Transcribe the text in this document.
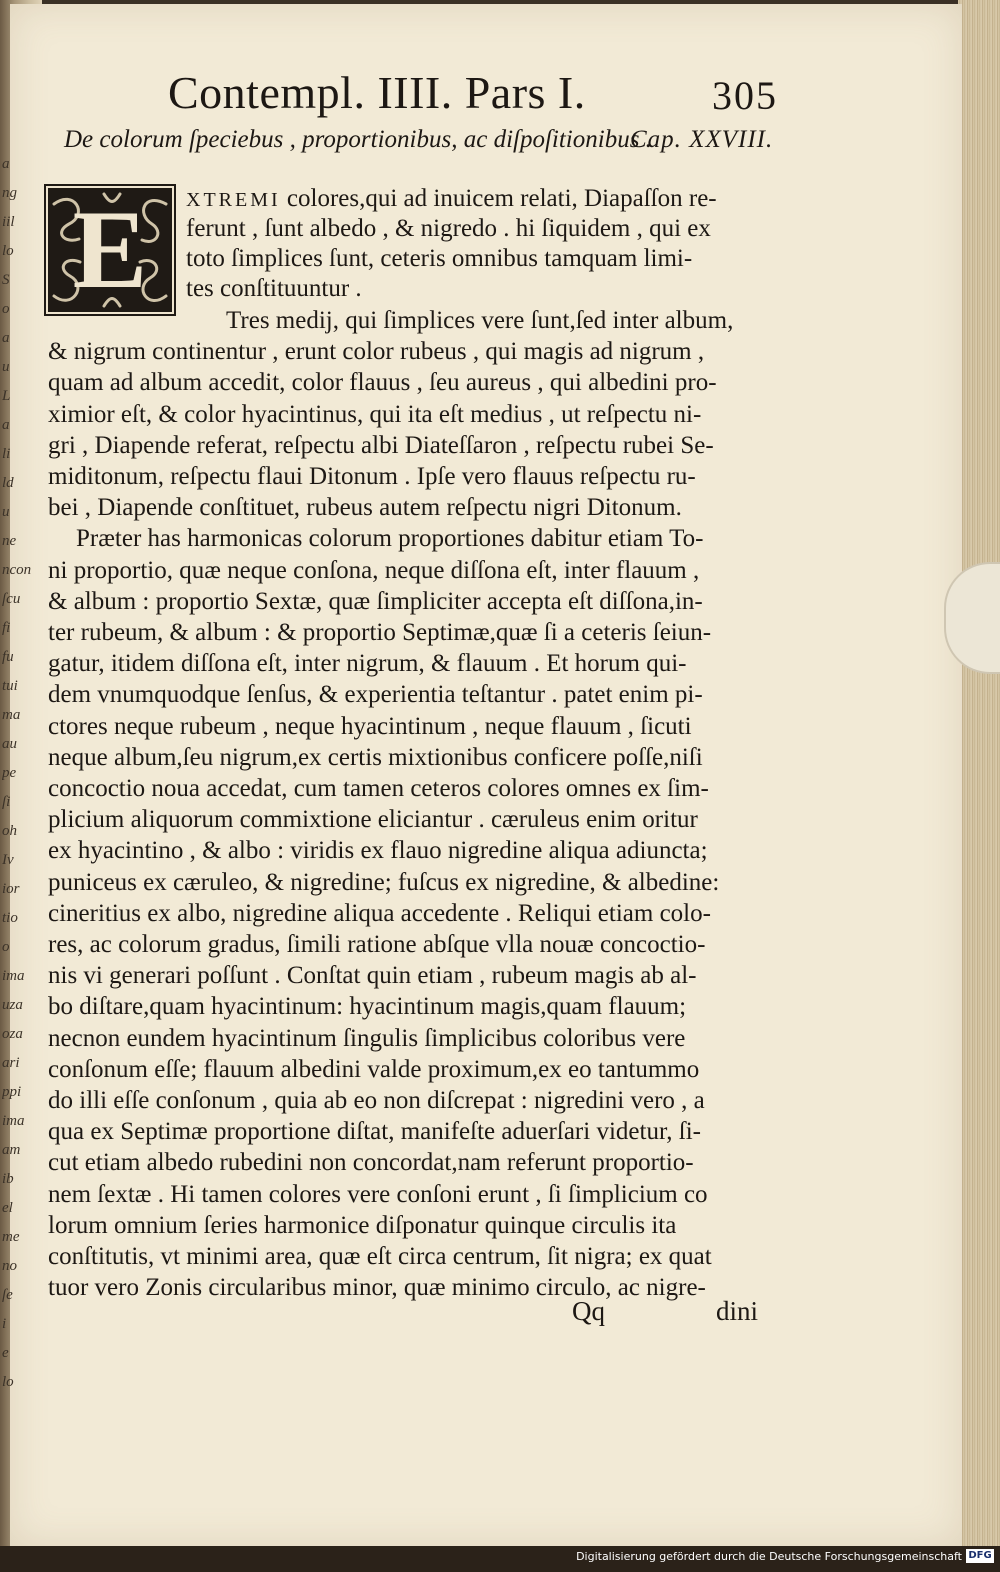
a
ng
iil
lo
S
o
a
u
L
a
li
ld
u
ne
ncon
ſcu
fi
fu
tui
ma
au
pe
ſi
oh
Iv
ior
tio
o
ima
uza
oza
ari
ppi
ima
am
ib
el
me
no
ſe
i
e
lo
Contempl. IIII. Pars I.	305
De colorum ſpeciebus , proportionibus, ac diſpoſitionibus .
Cap. XXVIII.
E XTREMI colores,qui ad inuicem relati, Diapaſſon re-
ferunt , ſunt albedo , & nigredo . hi ſiquidem , qui ex
toto ſimplices ſunt, ceteris omnibus tamquam limi-
tes conſtituuntur .
Tres medij, qui ſimplices vere ſunt,ſed inter album,
& nigrum continentur , erunt color rubeus , qui magis ad nigrum ,
quam ad album accedit, color flauus , ſeu aureus , qui albedini pro-
ximior eſt, & color hyacintinus, qui ita eſt medius , ut reſpectu ni-
gri , Diapende referat, reſpectu albi Diateſſaron , reſpectu rubei Se-
miditonum, reſpectu flaui Ditonum . Ipſe vero flauus reſpectu ru-
bei , Diapende conſtituet, rubeus autem reſpectu nigri Ditonum.
Præter has harmonicas colorum proportiones dabitur etiam To-
ni proportio, quæ neque conſona, neque diſſona eſt, inter flauum ,
& album : proportio Sextæ, quæ ſimpliciter accepta eſt diſſona,in-
ter rubeum, & album : & proportio Septimæ,quæ ſi a ceteris ſeiun-
gatur, itidem diſſona eſt, inter nigrum, & flauum . Et horum qui-
dem vnumquodque ſenſus, & experientia teſtantur . patet enim pi-
ctores neque rubeum , neque hyacintinum , neque flauum , ſicuti
neque album,ſeu nigrum,ex certis mixtionibus conficere poſſe,niſi
concoctio noua accedat, cum tamen ceteros colores omnes ex ſim-
plicium aliquorum commixtione eliciantur . cæruleus enim oritur
ex hyacintino , & albo : viridis ex flauo nigredine aliqua adiuncta;
puniceus ex cæruleo, & nigredine; fuſcus ex nigredine, & albedine:
cineritius ex albo, nigredine aliqua accedente . Reliqui etiam colo-
res, ac colorum gradus, ſimili ratione abſque vlla nouæ concoctio-
nis vi generari poſſunt . Conſtat quin etiam , rubeum magis ab al-
bo diſtare,quam hyacintinum: hyacintinum magis,quam flauum;
necnon eundem hyacintinum ſingulis ſimplicibus coloribus vere
conſonum eſſe; flauum albedini valde proximum,ex eo tantummo
do illi eſſe conſonum , quia ab eo non diſcrepat : nigredini vero , a
qua ex Septimæ proportione diſtat, manifeſte aduerſari videtur, ſi-
cut etiam albedo rubedini non concordat,nam referunt proportio-
nem ſextæ . Hi tamen colores vere conſoni erunt , ſi ſimplicium co
lorum omnium ſeries harmonice diſponatur quinque circulis ita
conſtitutis, vt minimi area, quæ eſt circa centrum, ſit nigra; ex quat
tuor vero Zonis circularibus minor, quæ minimo circulo, ac nigre-
Qq	dini
Digitalisierung gefördert durch die Deutsche Forschungsgemeinschaft DFG
